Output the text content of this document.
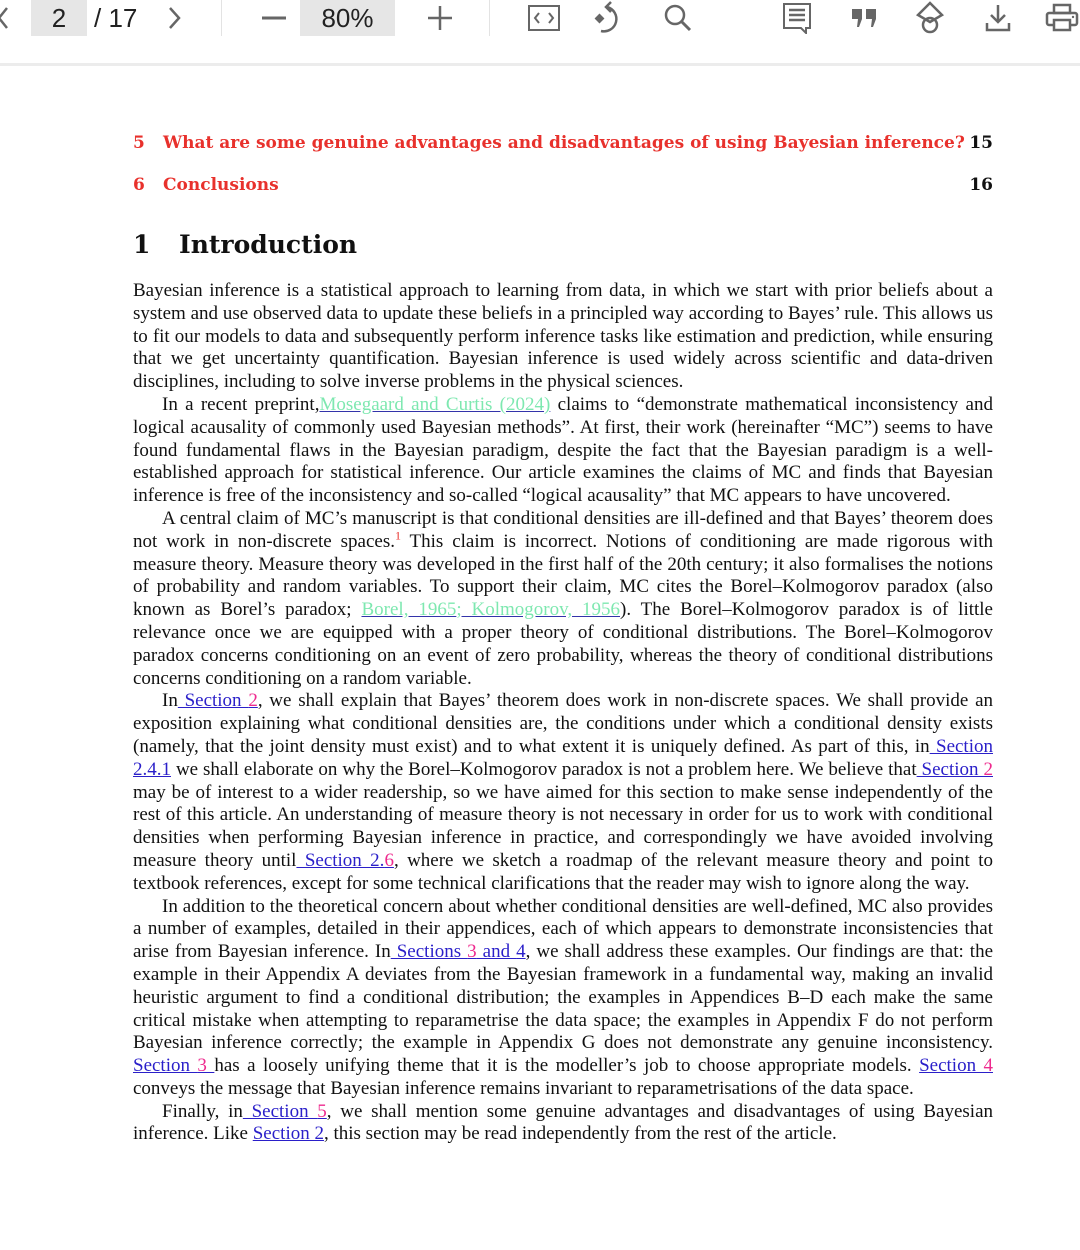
2	/ 17	80%
5 What are some genuine advantages and disadvantages of using Bayesian inference? 15
6 Conclusions	16
1 Introduction

Bayesian inference is a statistical approach to learning from data, in which we start with prior beliefs about a system and use observed data to update these beliefs in a principled way according to Bayes’ rule. This allows us to fit our models to data and subsequently perform inference tasks like estimation and prediction, while ensuring that we get uncertainty quantification. Bayesian inference is used widely across scientific and data-driven disciplines, including to solve inverse problems in the physical sciences.

In a recent preprint,Mosegaard and Curtis (2024) claims to “demonstrate mathematical inconsistency and logical acausality of commonly used Bayesian methods”. At first, their work (hereinafter “MC”) seems to have found fundamental flaws in the Bayesian paradigm, despite the fact that the Bayesian paradigm is a well-established approach for statistical inference. Our article examines the claims of MC and finds that Bayesian inference is free of the inconsistency and so-called “logical acausality” that MC appears to have uncovered.

A central claim of MC’s manuscript is that conditional densities are ill-defined and that Bayes’ theorem does not work in non-discrete spaces.$^1$ This claim is incorrect. Notions of conditioning are made rigorous with measure theory. Measure theory was developed in the first half of the 20th century; it also formalises the notions of probability and random variables. To support their claim, MC cites the Borel–Kolmogorov paradox (also known as Borel’s paradox; Borel, 1965; Kolmogorov, 1956). The Borel–Kolmogorov paradox is of little relevance once we are equipped with a proper theory of conditional distributions. The Borel–Kolmogorov paradox concerns conditioning on an event of zero probability, whereas the theory of conditional distributions concerns conditioning on a random variable.

In Section 2, we shall explain that Bayes’ theorem does work in non-discrete spaces. We shall provide an exposition explaining what conditional densities are, the conditions under which a conditional density exists (namely, that the joint density must exist) and to what extent it is uniquely defined. As part of this, in Section 2.4.1 we shall elaborate on why the Borel–Kolmogorov paradox is not a problem here. We believe that Section 2 may be of interest to a wider readership, so we have aimed for this section to make sense independently of the rest of this article. An understanding of measure theory is not necessary in order for us to work with conditional densities when performing Bayesian inference in practice, and correspondingly we have avoided involving measure theory until Section 2.6, where we sketch a roadmap of the relevant measure theory and point to textbook references, except for some technical clarifications that the reader may wish to ignore along the way.

In addition to the theoretical concern about whether conditional densities are well-defined, MC also provides a number of examples, detailed in their appendices, each of which appears to demonstrate inconsistencies that arise from Bayesian inference. In Sections 3 and 4, we shall address these examples. Our findings are that: the example in their Appendix A deviates from the Bayesian framework in a fundamental way, making an invalid heuristic argument to find a conditional distribution; the examples in Appendices B–D each make the same critical mistake when attempting to reparametrise the data space; the examples in Appendix F do not perform Bayesian inference correctly; the example in Appendix G does not demonstrate any genuine inconsistency. Section 3 has a loosely unifying theme that it is the modeller’s job to choose appropriate models. Section 4 conveys the message that Bayesian inference remains invariant to reparametrisations of the data space.

Finally, in Section 5, we shall mention some genuine advantages and disadvantages of using Bayesian inference. Like Section 2, this section may be read independently from the rest of the article.
